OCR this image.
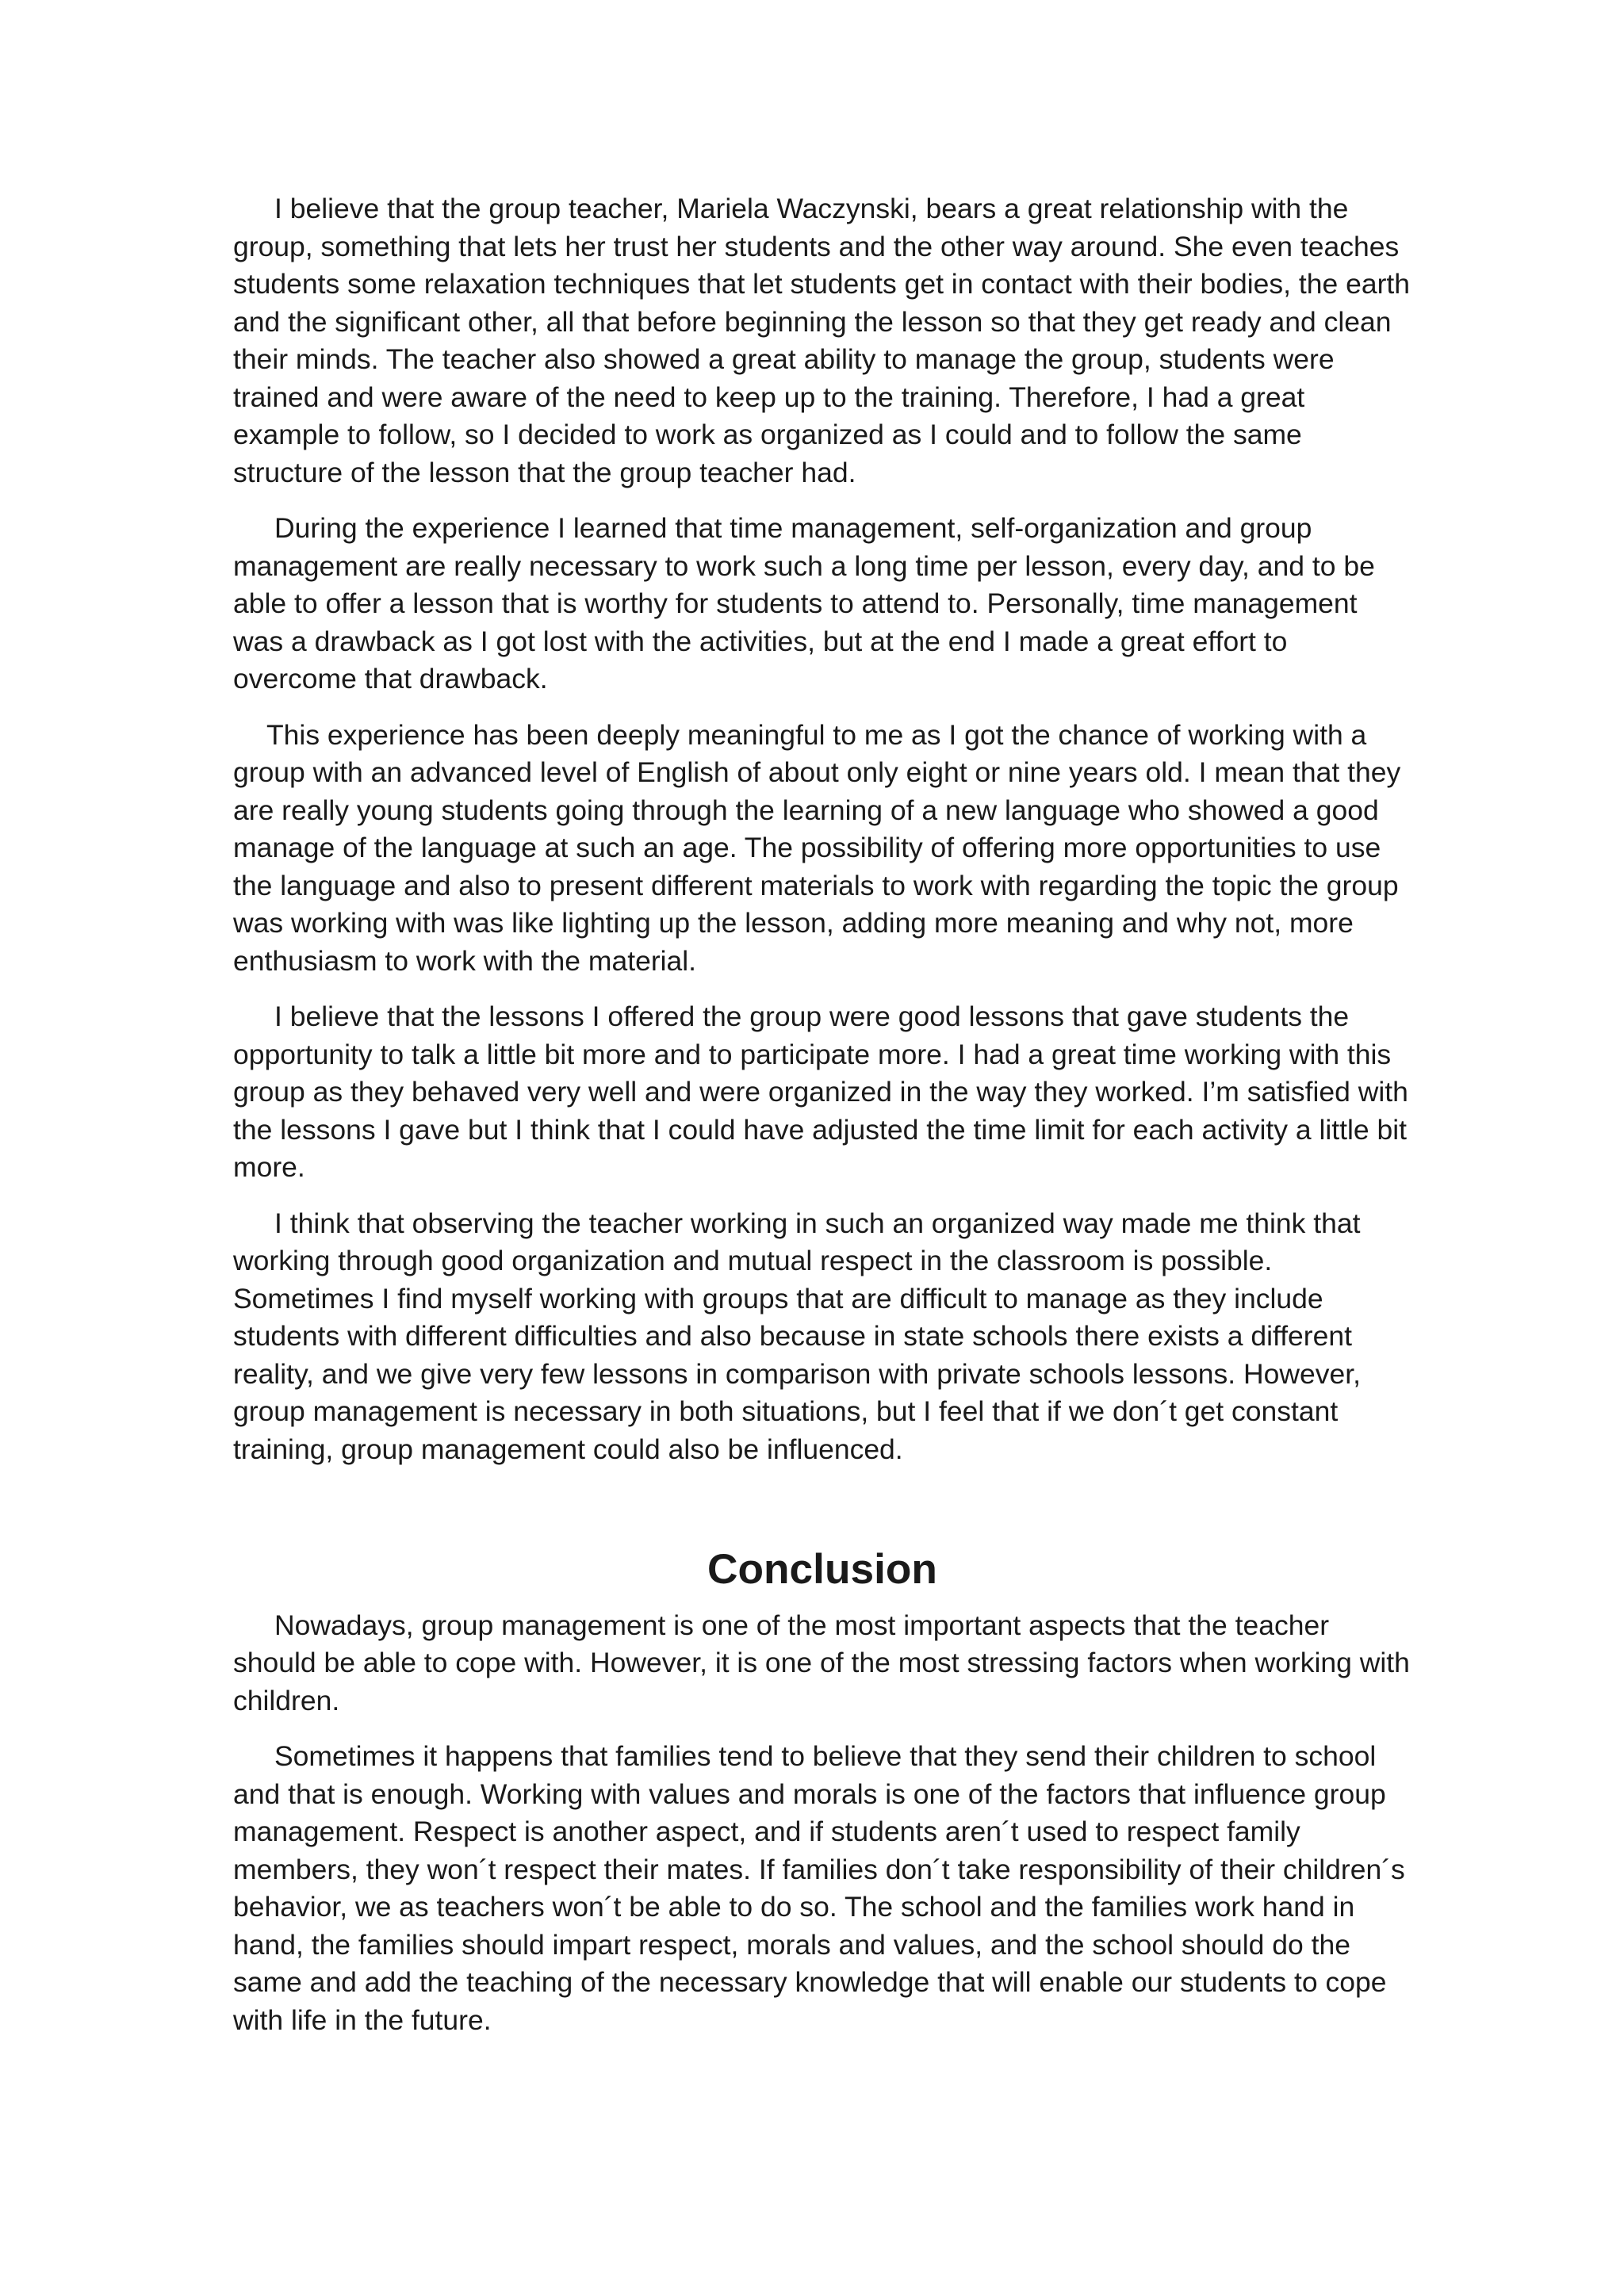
I believe that the group teacher, Mariela Waczynski, bears a great relationship with the group, something that lets her trust her students and the other way around. She even teaches students some relaxation techniques that let students get in contact with their bodies, the earth and the significant other, all that before beginning the lesson so that they get ready and clean their minds. The teacher also showed a great ability to manage the group, students were trained and were aware of the need to keep up to the training. Therefore, I had a great example to follow, so I decided to work as organized as I could and to follow the same structure of the lesson that the group teacher had.

During the experience I learned that time management, self-organization and group management are really necessary to work such a long time per lesson, every day, and to be able to offer a lesson that is worthy for students to attend to. Personally, time management was a drawback as I got lost with the activities, but at the end I made a great effort to overcome that drawback.

This experience has been deeply meaningful to me as I got the chance of working with a group with an advanced level of English of about only eight or nine years old. I mean that they are really young students going through the learning of a new language who showed a good manage of the language at such an age. The possibility of offering more opportunities to use the language and also to present different materials to work with regarding the topic the group was working with was like lighting up the lesson, adding more meaning and why not, more enthusiasm to work with the material.

I believe that the lessons I offered the group were good lessons that gave students the opportunity to talk a little bit more and to participate more. I had a great time working with this group as they behaved very well and were organized in the way they worked. I’m satisfied with the lessons I gave but I think that I could have adjusted the time limit for each activity a little bit more.

I think that observing the teacher working in such an organized way made me think that working through good organization and mutual respect in the classroom is possible. Sometimes I find myself working with groups that are difficult to manage as they include students with different difficulties and also because in state schools there exists a different reality, and we give very few lessons in comparison with private schools lessons. However, group management is necessary in both situations, but I feel that if we don´t get constant training, group management could also be influenced.

Conclusion

Nowadays, group management is one of the most important aspects that the teacher should be able to cope with. However, it is one of the most stressing factors when working with children.

Sometimes it happens that families tend to believe that they send their children to school and that is enough. Working with values and morals is one of the factors that influence group management. Respect is another aspect, and if students aren´t used to respect family members, they won´t respect their mates. If families don´t take responsibility of their children´s behavior, we as teachers won´t be able to do so. The school and the families work hand in hand, the families should impart respect, morals and values, and the school should do the same and add the teaching of the necessary knowledge that will enable our students to cope with life in the future.
